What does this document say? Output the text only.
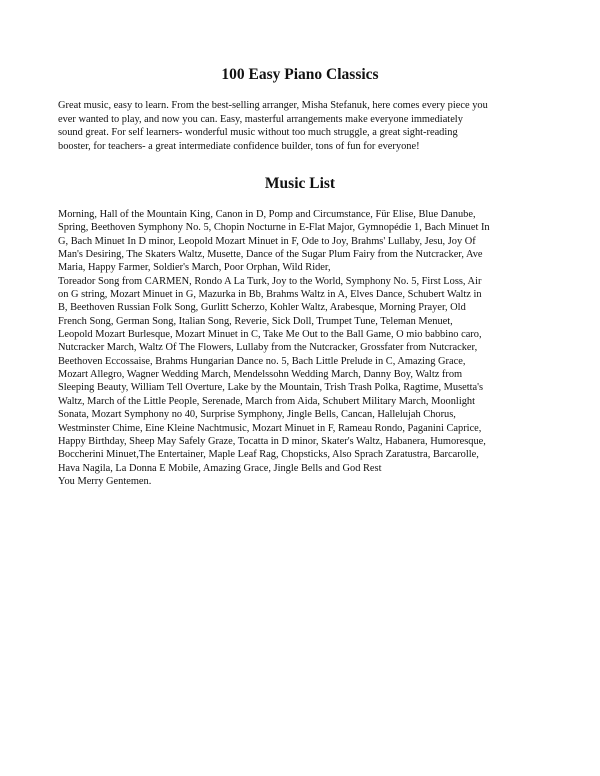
100 Easy Piano Classics

Great music, easy to learn. From the best-selling arranger, Misha Stefanuk, here comes every piece you
ever wanted to play, and now you can. Easy, masterful arrangements make everyone immediately
sound great. For self learners- wonderful music without too much struggle, a great sight-reading
booster, for teachers- a great intermediate confidence builder, tons of fun for everyone!

Music List

Morning, Hall of the Mountain King, Canon in D, Pomp and Circumstance, Für Elise, Blue Danube,
Spring, Beethoven Symphony No. 5, Chopin Nocturne in E-Flat Major, Gymnopédie 1, Bach Minuet In
G, Bach Minuet In D minor, Leopold Mozart Minuet in F, Ode to Joy, Brahms' Lullaby, Jesu, Joy Of
Man's Desiring, The Skaters Waltz, Musette, Dance of the Sugar Plum Fairy from the Nutcracker, Ave
Maria, Happy Farmer, Soldier's March, Poor Orphan, Wild Rider,
Toreador Song from CARMEN, Rondo A La Turk, Joy to the World, Symphony No. 5, First Loss, Air
on G string, Mozart Minuet in G, Mazurka in Bb, Brahms Waltz in A, Elves Dance, Schubert Waltz in
B, Beethoven Russian Folk Song, Gurlitt Scherzo, Kohler Waltz, Arabesque, Morning Prayer, Old
French Song, German Song, Italian Song, Reverie, Sick Doll, Trumpet Tune, Teleman Menuet,
Leopold Mozart Burlesque, Mozart Minuet in C, Take Me Out to the Ball Game, O mio babbino caro,
Nutcracker March, Waltz Of The Flowers, Lullaby from the Nutcracker, Grossfater from Nutcracker,
Beethoven Eccossaise, Brahms Hungarian Dance no. 5, Bach Little Prelude in C, Amazing Grace,
Mozart Allegro, Wagner Wedding March, Mendelssohn Wedding March, Danny Boy, Waltz from
Sleeping Beauty, William Tell Overture, Lake by the Mountain, Trish Trash Polka, Ragtime, Musetta's
Waltz, March of the Little People, Serenade, March from Aida, Schubert Military March, Moonlight
Sonata, Mozart Symphony no 40, Surprise Symphony, Jingle Bells, Cancan, Hallelujah Chorus,
Westminster Chime, Eine Kleine Nachtmusic, Mozart Minuet in F, Rameau Rondo, Paganini Caprice,
Happy Birthday, Sheep May Safely Graze, Tocatta in D minor, Skater's Waltz, Habanera, Humoresque,
Boccherini Minuet,The Entertainer, Maple Leaf Rag, Chopsticks, Also Sprach Zaratustra, Barcarolle,
Hava Nagila, La Donna E Mobile, Amazing Grace, Jingle Bells and God Rest
You Merry Gentemen.
